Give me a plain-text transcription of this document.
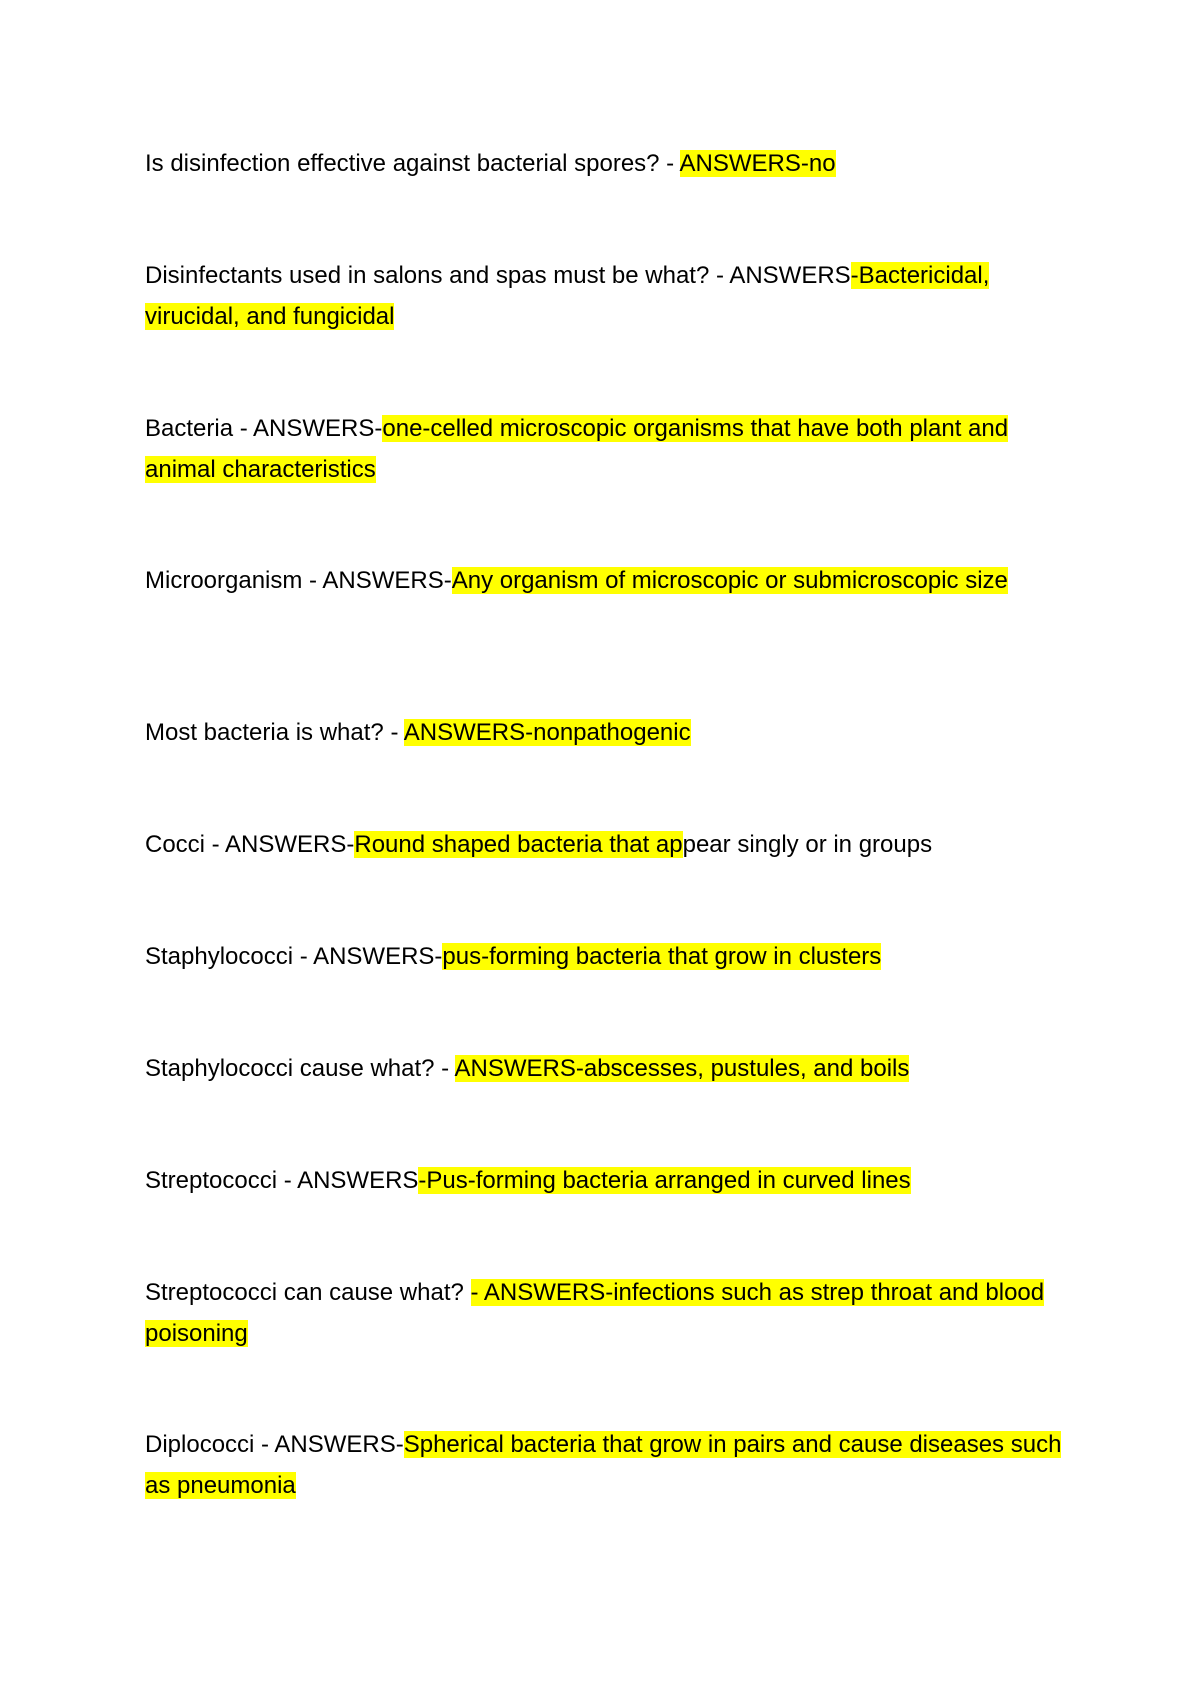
Is disinfection effective against bacterial spores? - ANSWERS-no

Disinfectants used in salons and spas must be what? - ANSWERS-Bactericidal, virucidal, and fungicidal

Bacteria - ANSWERS-one-celled microscopic organisms that have both plant and animal characteristics

Microorganism - ANSWERS-Any organism of microscopic or submicroscopic size

Most bacteria is what? - ANSWERS-nonpathogenic

Cocci - ANSWERS-Round shaped bacteria that appear singly or in groups

Staphylococci - ANSWERS-pus-forming bacteria that grow in clusters

Staphylococci cause what? - ANSWERS-abscesses, pustules, and boils

Streptococci - ANSWERS-Pus-forming bacteria arranged in curved lines

Streptococci can cause what? - ANSWERS-infections such as strep throat and blood poisoning

Diplococci - ANSWERS-Spherical bacteria that grow in pairs and cause diseases such as pneumonia
